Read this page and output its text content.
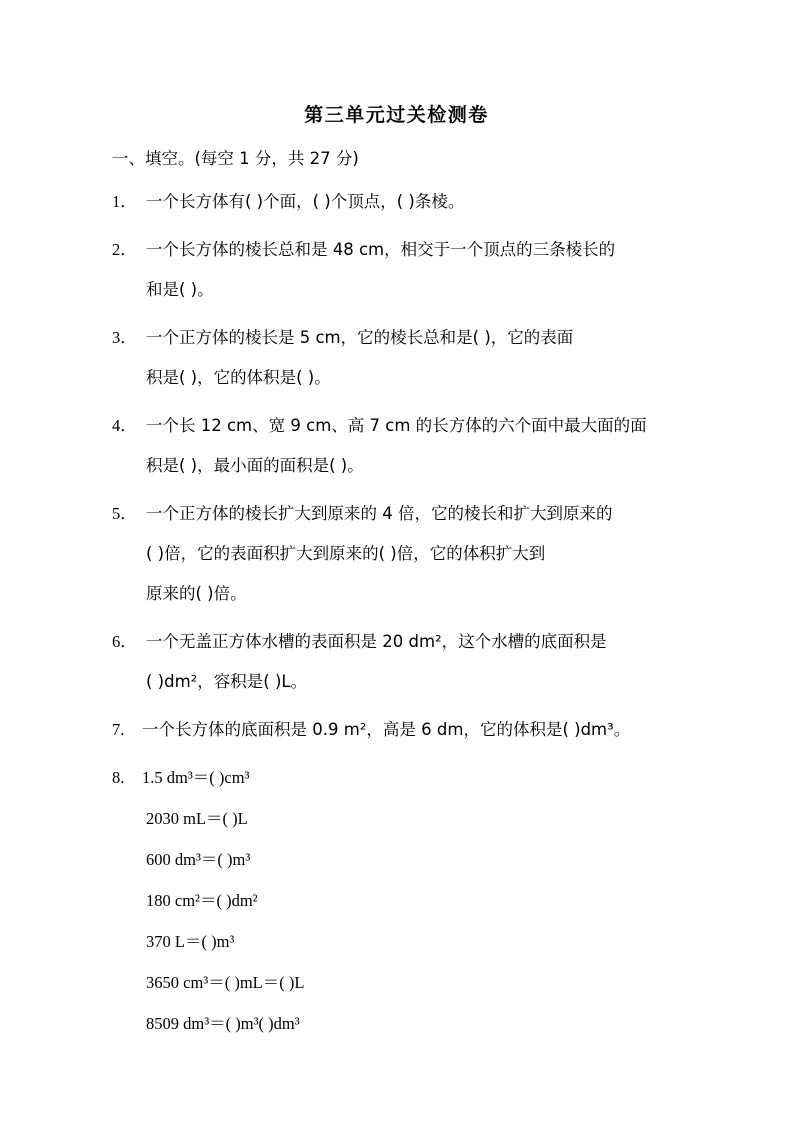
第三单元过关检测卷
一、填空。(每空 1 分，共 27 分)
1． 一个长方体有( )个面，( )个顶点，( )条棱。
2． 一个长方体的棱长总和是 48 cm，相交于一个顶点的三条棱长的
和是( )。
3． 一个正方体的棱长是 5 cm，它的棱长总和是( )，它的表面
积是( )，它的体积是( )。
4． 一个长 12 cm、宽 9 cm、高 7 cm 的长方体的六个面中最大面的面
积是( )，最小面的面积是( )。
5． 一个正方体的棱长扩大到原来的 4 倍，它的棱长和扩大到原来的
( )倍，它的表面积扩大到原来的( )倍，它的体积扩大到
原来的( )倍。
6． 一个无盖正方体水槽的表面积是 20 dm²，这个水槽的底面积是
( )dm²，容积是( )L。
7. 一个长方体的底面积是 0.9 m²，高是 6 dm，它的体积是( )dm³。
8. 1.5 dm³＝( )cm³
2030 mL＝( )L
600 dm³＝( )m³
180 cm²＝( )dm²
370 L＝( )m³
3650 cm³＝( )mL＝( )L
8509 dm³＝( )m³( )dm³
